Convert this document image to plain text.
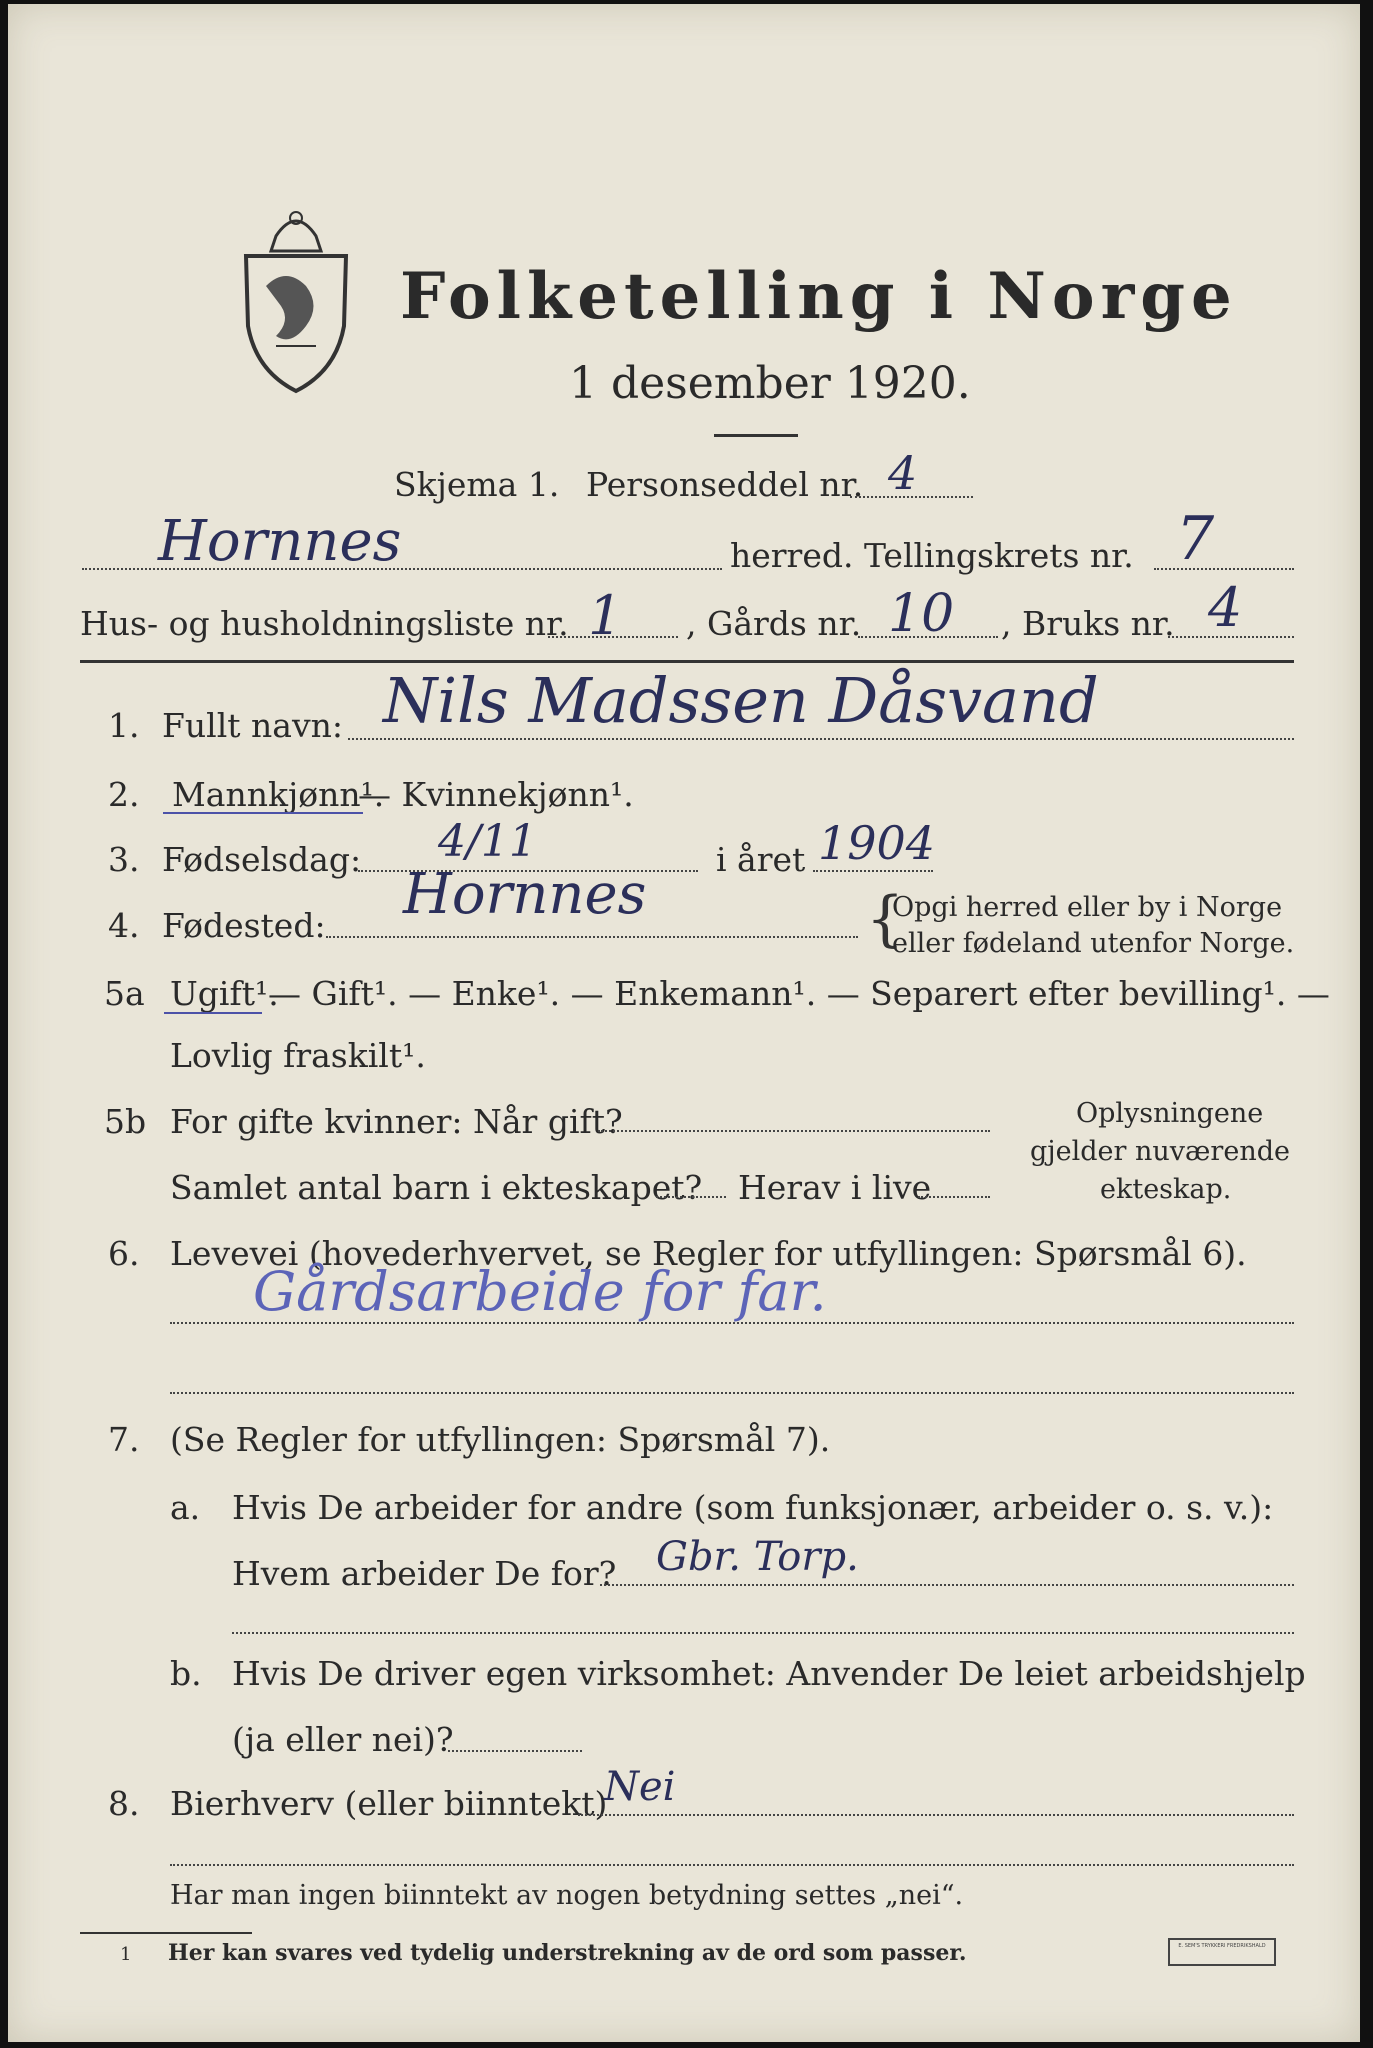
Folketelling i Norge
1 desember 1920.
Skjema 1. Personseddel nr. 4
Hornnes	herred. Tellingskrets nr. 7
Hus- og husholdningsliste nr. 1 , Gårds nr. 10 , Bruks nr. 4
1. Fullt navn: Nils Madssen Dåsvand
2. Mannkjønn¹.
— Kvinnekjønn¹.
3. Fødselsdag: 4/11	i året 1904
4. Fødested: Hornnes	{
Opgi herred eller by i Norge
eller fødeland utenfor Norge.
5a Ugift¹.
— Gift¹. — Enke¹. — Enkemann¹. — Separert efter bevilling¹. —
Lovlig fraskilt¹.
5b For gifte kvinner: Når gift?
Samlet antal barn i ekteskapet? Herav i live
Oplysningene
gjelder nuværende
ekteskap.
6. Levevei (hovederhvervet, se Regler for utfyllingen: Spørsmål 6).
Gårdsarbeide for far.
7. (Se Regler for utfyllingen: Spørsmål 7).
a. Hvis De arbeider for andre (som funksjonær, arbeider o. s. v.):
Hvem arbeider De for? Gbr. Torp.
b. Hvis De driver egen virksomhet: Anvender De leiet arbeidshjelp
(ja eller nei)?
8. Bierhverv (eller biinntekt)
Nei
Har man ingen biinntekt av nogen betydning settes „nei“.
1 Her kan svares ved tydelig understrekning av de ord som passer.	E. SEM'S TRYKKERI FREDRIKSHALD
